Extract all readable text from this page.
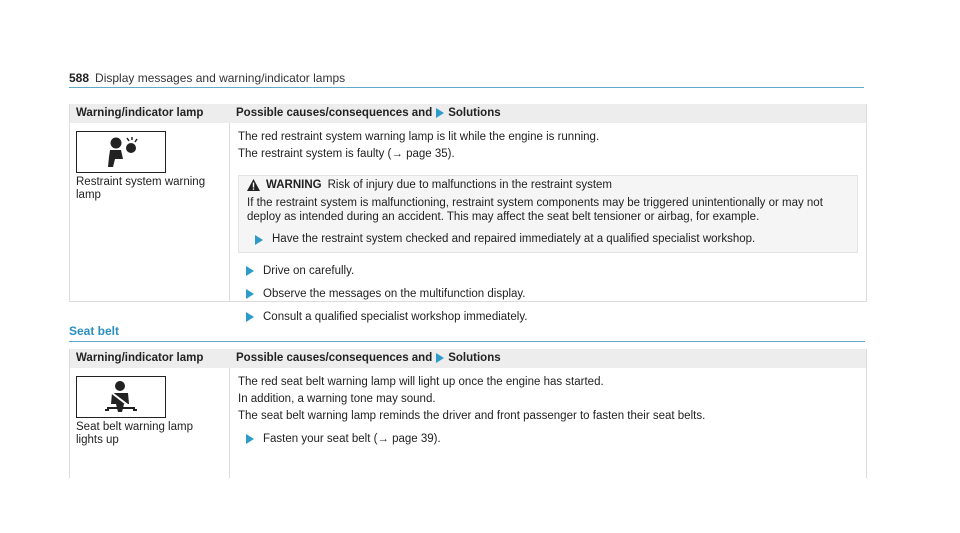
588 Display messages and warning/indicator lamps
Warning/indicator lamp	Possible causes/consequences and Solutions
Restraint system warning lamp
The red restraint system warning lamp is lit while the engine is running.
The restraint system is faulty (→ page 35).
WARNING Risk of injury due to malfunctions in the restraint system
If the restraint system is malfunctioning, restraint system components may be triggered unintentionally or may not deploy as intended during an accident. This may affect the seat belt tensioner or airbag, for example.
Have the restraint system checked and repaired immediately at a qualified specialist workshop.
Drive on carefully.
Observe the messages on the multifunction display.
Consult a qualified specialist workshop immediately.
Seat belt
Warning/indicator lamp	Possible causes/consequences and Solutions
Seat belt warning lamp lights up
The red seat belt warning lamp will light up once the engine has started.
In addition, a warning tone may sound.
The seat belt warning lamp reminds the driver and front passenger to fasten their seat belts.
Fasten your seat belt (→ page 39).
